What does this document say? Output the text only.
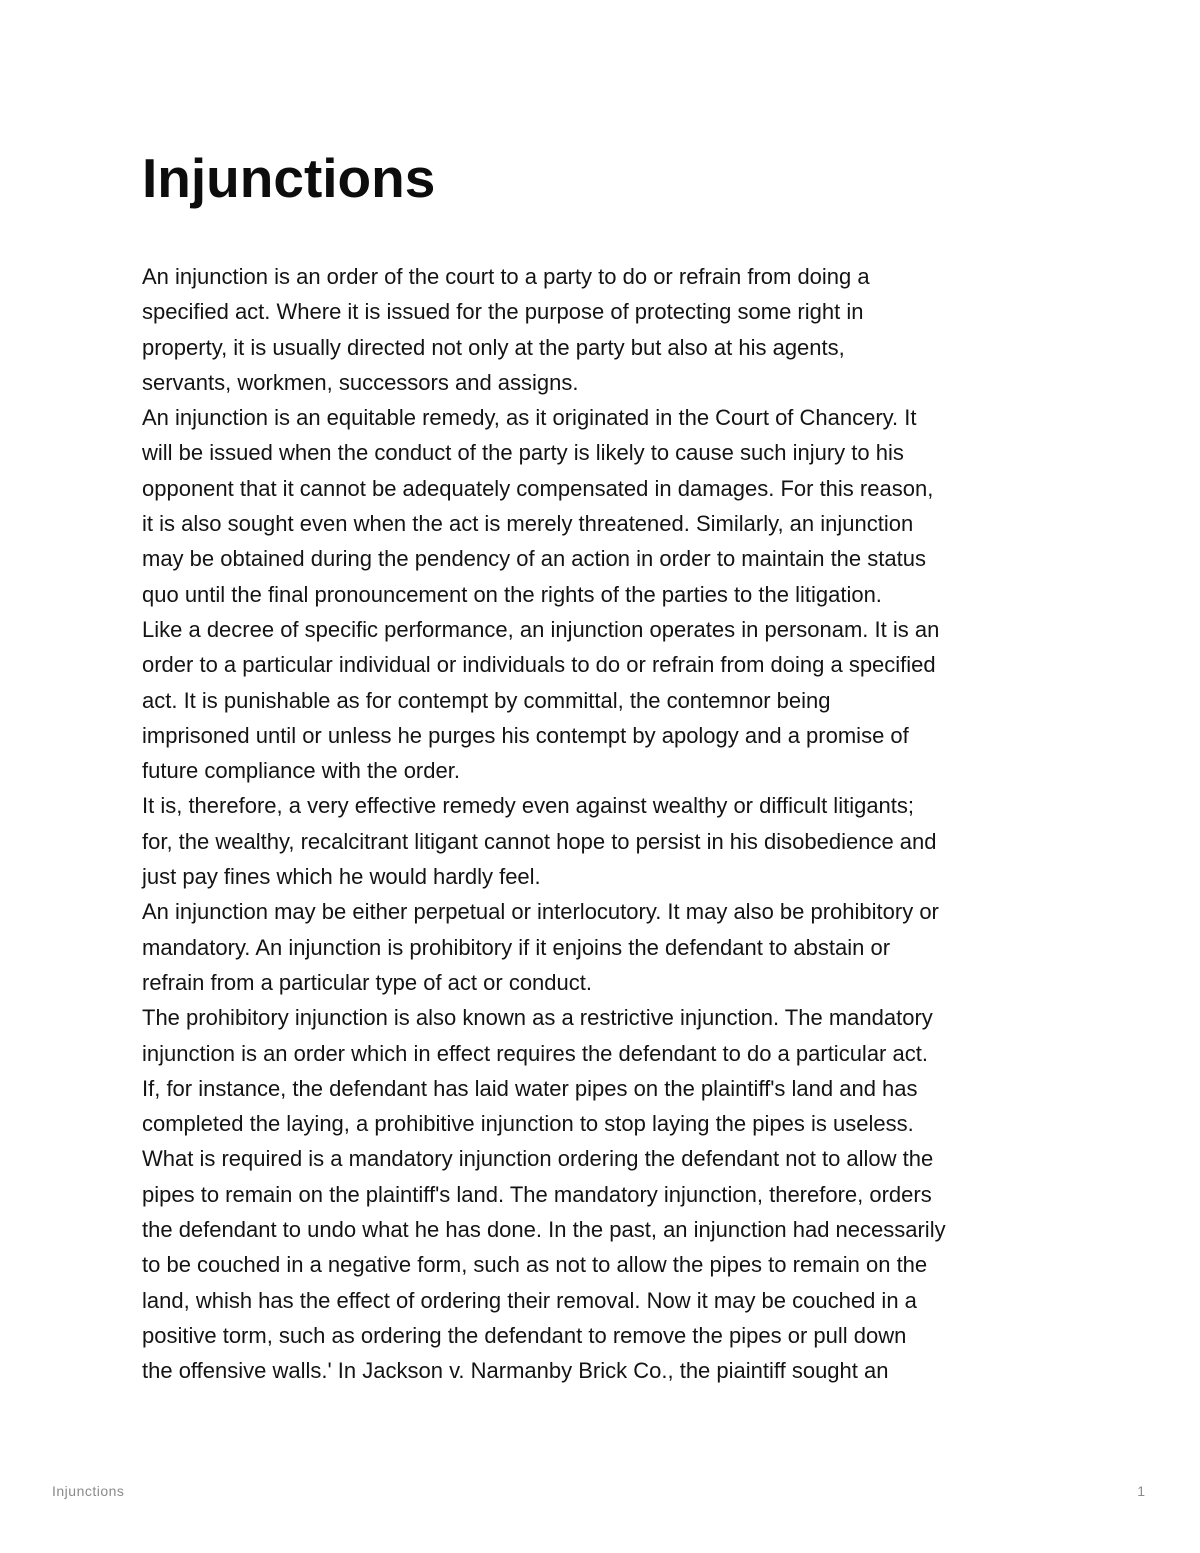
Injunctions
An injunction is an order of the court to a party to do or refrain from doing a
specified act. Where it is issued for the purpose of protecting some right in
property, it is usually directed not only at the party but also at his agents,
servants, workmen, successors and assigns.
An injunction is an equitable remedy, as it originated in the Court of Chancery. It
will be issued when the conduct of the party is likely to cause such injury to his
opponent that it cannot be adequately compensated in damages. For this reason,
it is also sought even when the act is merely threatened. Similarly, an injunction
may be obtained during the pendency of an action in order to maintain the status
quo until the final pronouncement on the rights of the parties to the litigation.
Like a decree of specific performance, an injunction operates in personam. It is an
order to a particular individual or individuals to do or refrain from doing a specified
act. It is punishable as for contempt by committal, the contemnor being
imprisoned until or unless he purges his contempt by apology and a promise of
future compliance with the order.
It is, therefore, a very effective remedy even against wealthy or difficult litigants;
for, the wealthy, recalcitrant litigant cannot hope to persist in his disobedience and
just pay fines which he would hardly feel.
An injunction may be either perpetual or interlocutory. It may also be prohibitory or
mandatory. An injunction is prohibitory if it enjoins the defendant to abstain or
refrain from a particular type of act or conduct.
The prohibitory injunction is also known as a restrictive injunction. The mandatory
injunction is an order which in effect requires the defendant to do a particular act.
If, for instance, the defendant has laid water pipes on the plaintiff's land and has
completed the laying, a prohibitive injunction to stop laying the pipes is useless.
What is required is a mandatory injunction ordering the defendant not to allow the
pipes to remain on the plaintiff's land. The mandatory injunction, therefore, orders
the defendant to undo what he has done. In the past, an injunction had necessarily
to be couched in a negative form, such as not to allow the pipes to remain on the
land, whish has the effect of ordering their removal. Now it may be couched in a
positive torm, such as ordering the defendant to remove the pipes or pull down
the offensive walls.' In Jackson v. Narmanby Brick Co., the piaintiff sought an
Injunctions	1
